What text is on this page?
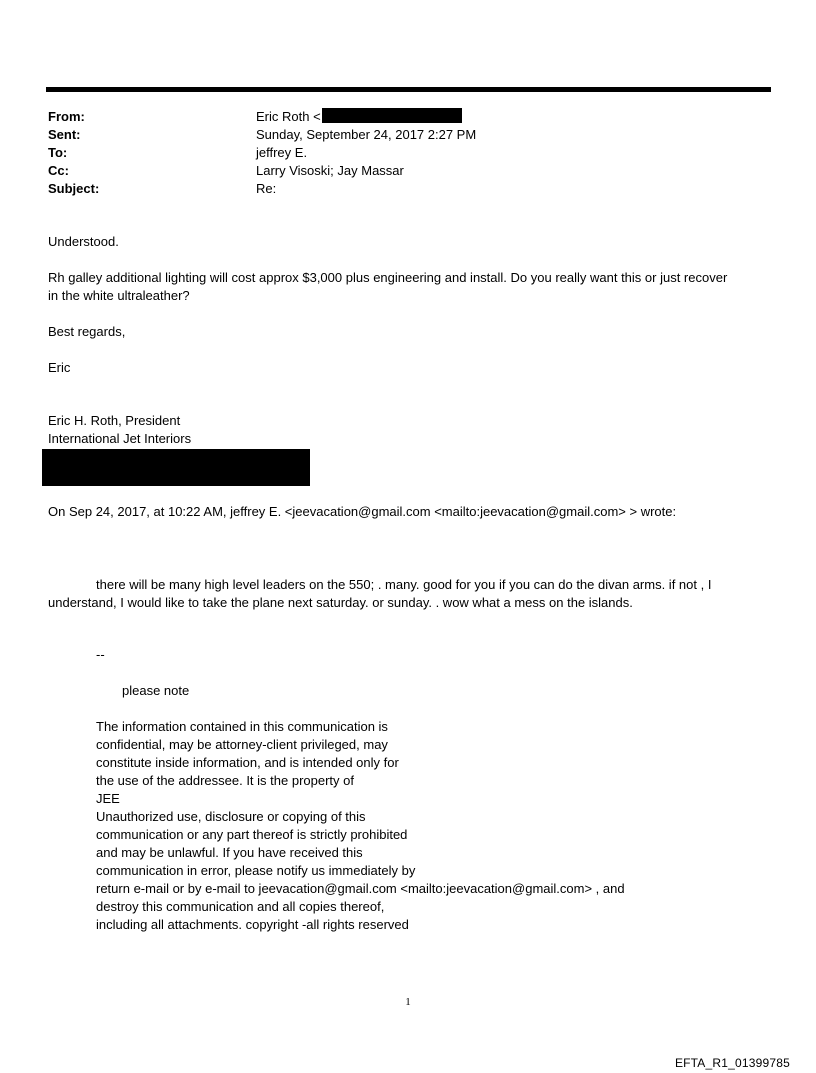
From:	Eric Roth <
Sent:	Sunday, September 24, 2017 2:27 PM
To:	jeffrey E.
Cc:	Larry Visoski; Jay Massar
Subject:	Re:
Understood.
Rh galley additional lighting will cost approx $3,000 plus engineering and install. Do you really want this or just recover
in the white ultraleather?
Best regards,
Eric
Eric H. Roth, President
International Jet Interiors
On Sep 24, 2017, at 10:22 AM, jeffrey E. <jeevacation@gmail.com <mailto:jeevacation@gmail.com> > wrote:
there will be many high level leaders on the 550; . many. good for you if you can do the divan arms. if not , I
understand, I would like to take the plane next saturday. or sunday. . wow what a mess on the islands.
--
please note
The information contained in this communication is
confidential, may be attorney-client privileged, may
constitute inside information, and is intended only for
the use of the addressee. It is the property of
JEE
Unauthorized use, disclosure or copying of this
communication or any part thereof is strictly prohibited
and may be unlawful. If you have received this
communication in error, please notify us immediately by
return e-mail or by e-mail to jeevacation@gmail.com <mailto:jeevacation@gmail.com> , and
destroy this communication and all copies thereof,
including all attachments. copyright -all rights reserved
1
EFTA_R1_01399785
